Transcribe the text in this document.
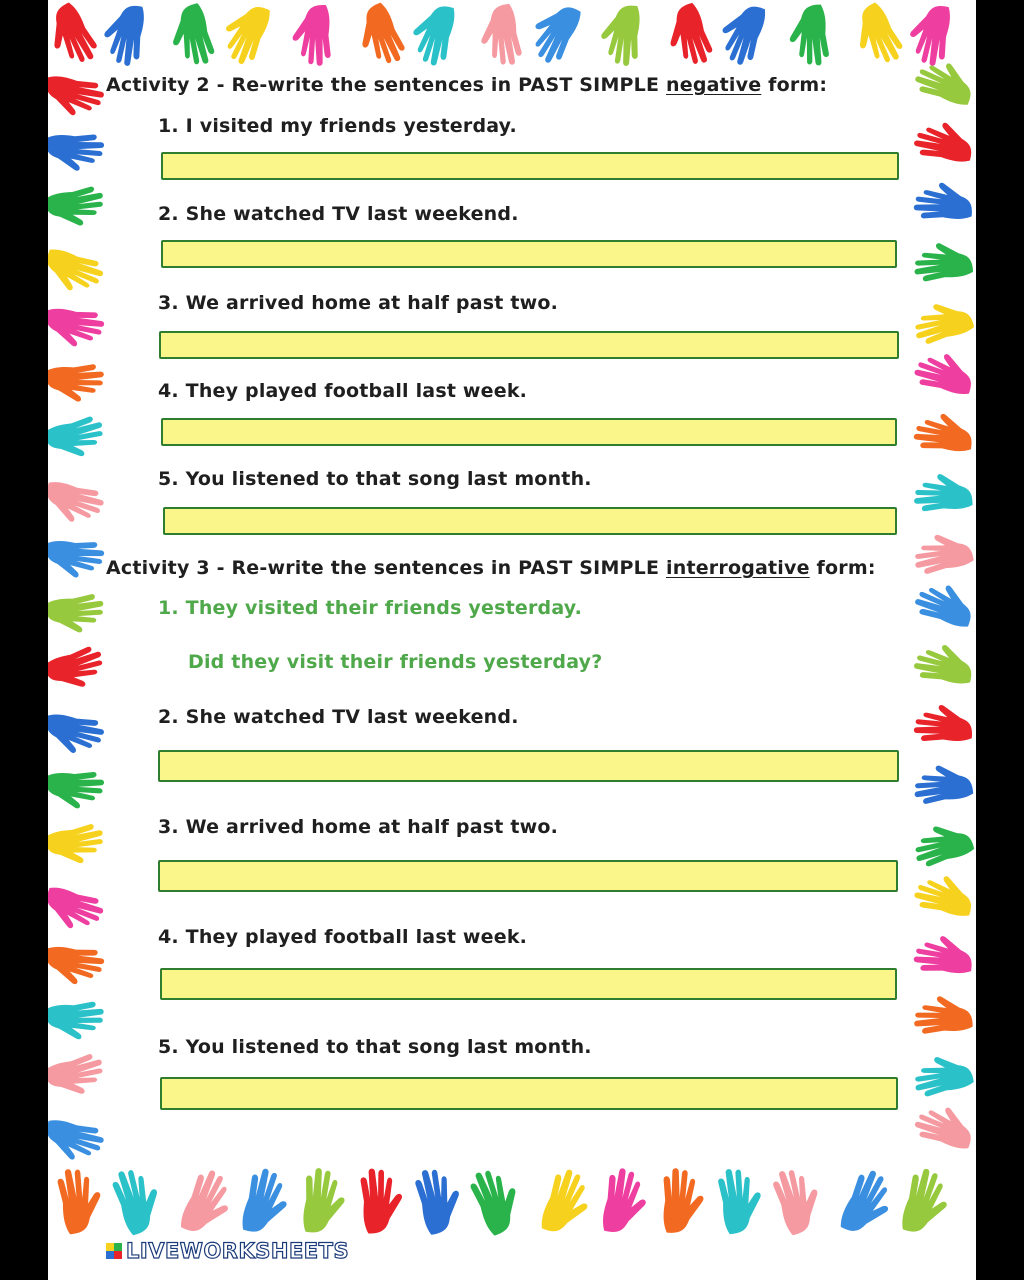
Activity 2 - Re-write the sentences in PAST SIMPLE negative form:
1. I visited my friends yesterday.
2. She watched TV last weekend.
3. We arrived home at half past two.
4. They played football last week.
5. You listened to that song last month.
Activity 3 - Re-write the sentences in PAST SIMPLE interrogative form:
1. They visited their friends yesterday.
Did they visit their friends yesterday?
2. She watched TV last weekend.
3. We arrived home at half past two.
4. They played football last week.
5. You listened to that song last month.
LIVEWORKSHEETS
